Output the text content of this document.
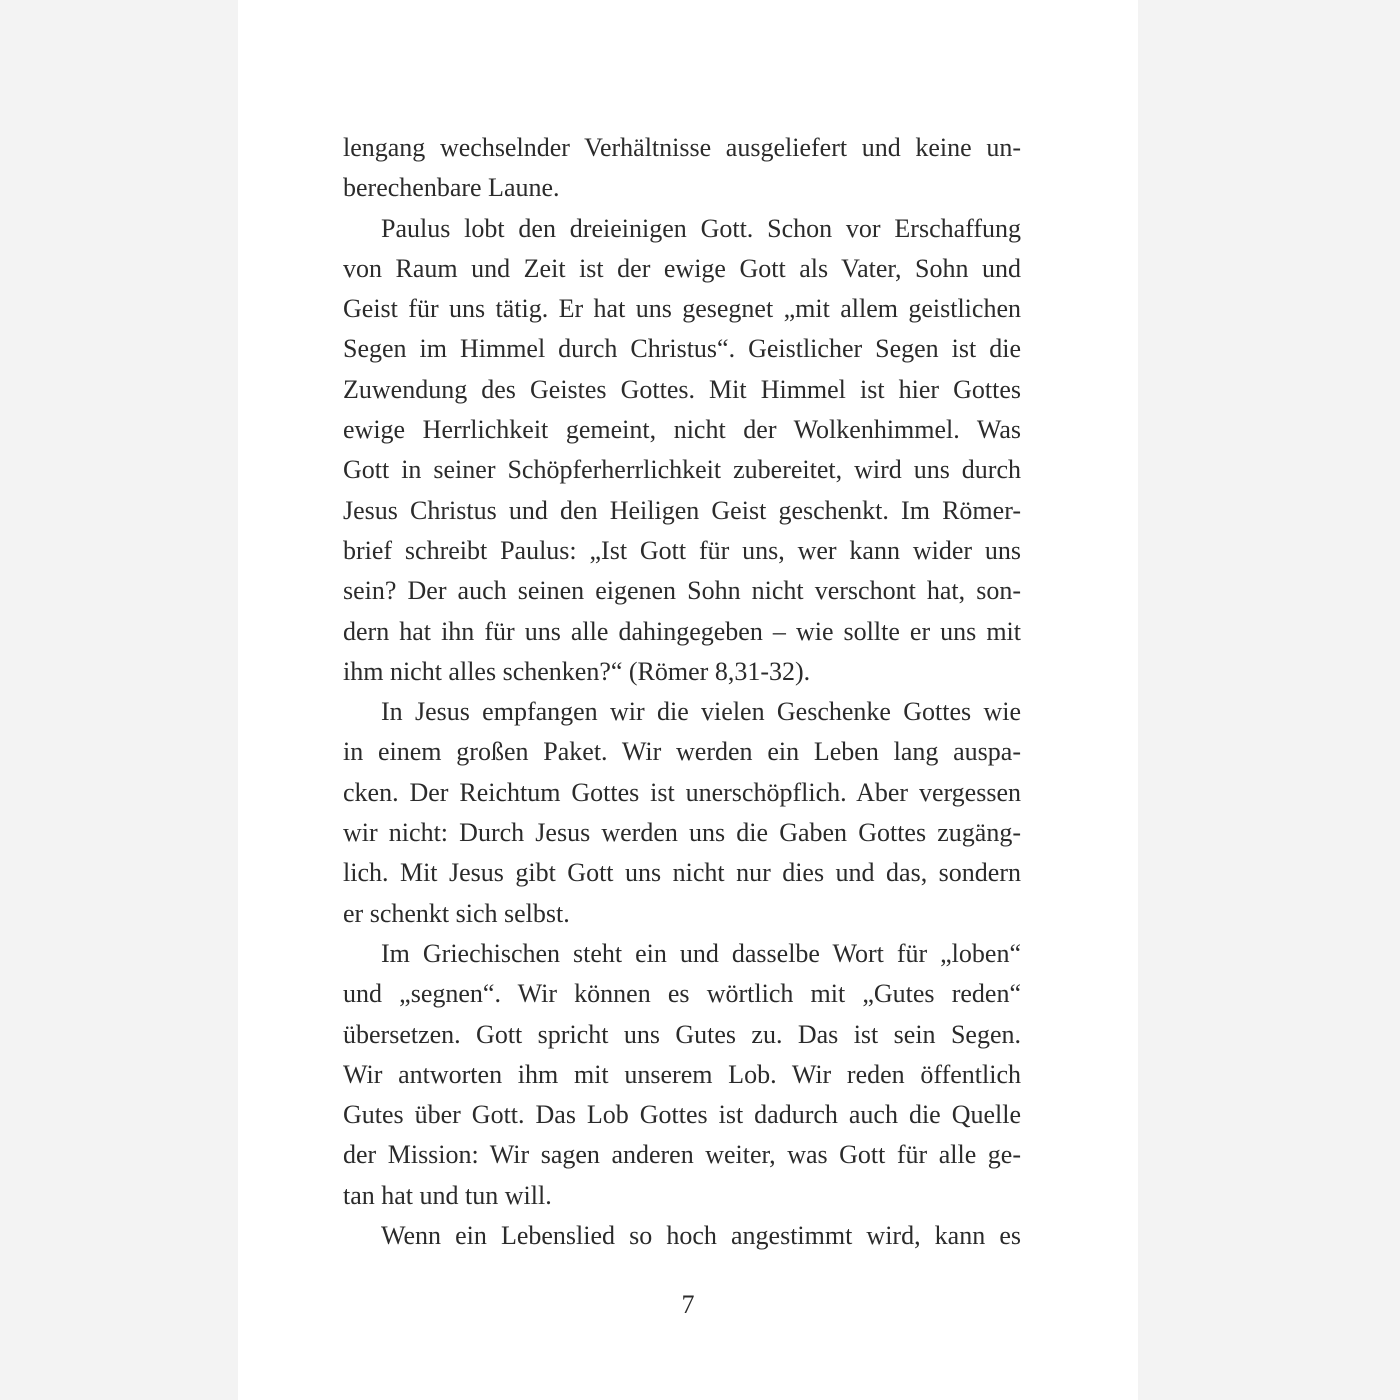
lengang wechselnder Verhältnisse ausgeliefert und keine un-
berechenbare Laune.
Paulus lobt den dreieinigen Gott. Schon vor Erschaffung
von Raum und Zeit ist der ewige Gott als Vater, Sohn und
Geist für uns tätig. Er hat uns gesegnet „mit allem geistlichen
Segen im Himmel durch Christus“. Geistlicher Segen ist die
Zuwendung des Geistes Gottes. Mit Himmel ist hier Gottes
ewige Herrlichkeit gemeint, nicht der Wolkenhimmel. Was
Gott in seiner Schöpferherrlichkeit zubereitet, wird uns durch
Jesus Christus und den Heiligen Geist geschenkt. Im Römer-
brief schreibt Paulus: „Ist Gott für uns, wer kann wider uns
sein? Der auch seinen eigenen Sohn nicht verschont hat, son-
dern hat ihn für uns alle dahingegeben – wie sollte er uns mit
ihm nicht alles schenken?“ (Römer 8,31-32).
In Jesus empfangen wir die vielen Geschenke Gottes wie
in einem großen Paket. Wir werden ein Leben lang auspa-
cken. Der Reichtum Gottes ist unerschöpflich. Aber vergessen
wir nicht: Durch Jesus werden uns die Gaben Gottes zugäng-
lich. Mit Jesus gibt Gott uns nicht nur dies und das, sondern
er schenkt sich selbst.
Im Griechischen steht ein und dasselbe Wort für „loben“
und „segnen“. Wir können es wörtlich mit „Gutes reden“
übersetzen. Gott spricht uns Gutes zu. Das ist sein Segen.
Wir antworten ihm mit unserem Lob. Wir reden öffentlich
Gutes über Gott. Das Lob Gottes ist dadurch auch die Quelle
der Mission: Wir sagen anderen weiter, was Gott für alle ge-
tan hat und tun will.
Wenn ein Lebenslied so hoch angestimmt wird, kann es
7
